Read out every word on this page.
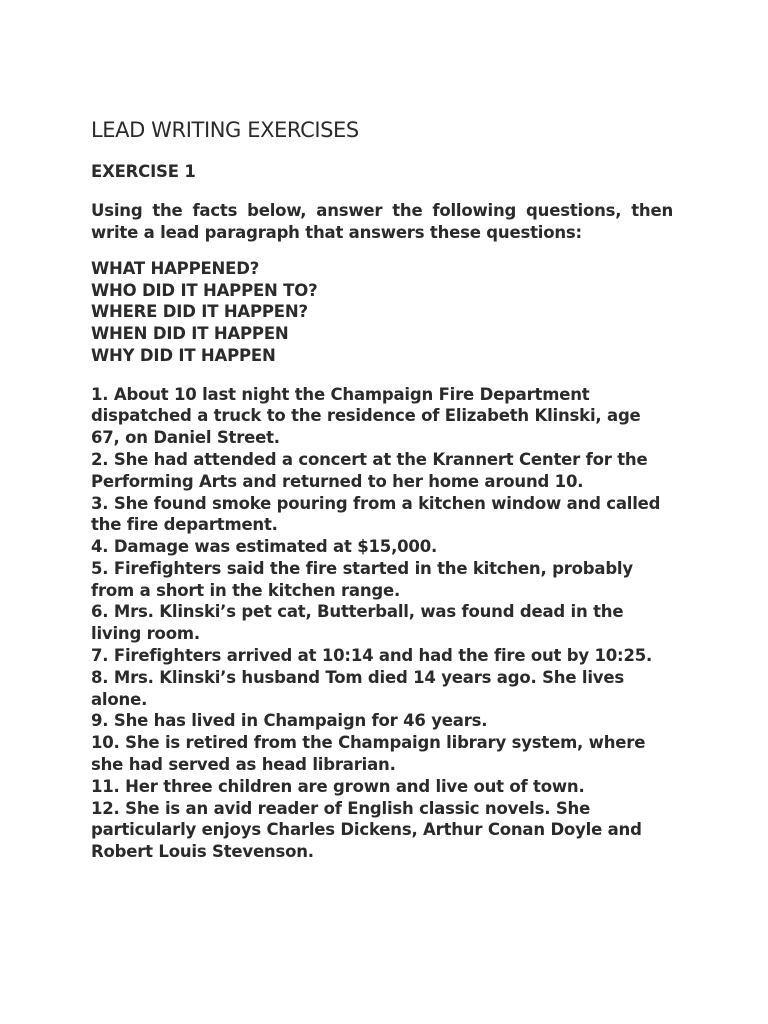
LEAD WRITING EXERCISES

EXERCISE 1

Using the facts below, answer the following questions, then write a lead paragraph that answers these questions:

WHAT HAPPENED?
WHO DID IT HAPPEN TO?
WHERE DID IT HAPPEN?
WHEN DID IT HAPPEN
WHY DID IT HAPPEN
1. About 10 last night the Champaign Fire Department dispatched a truck to the residence of Elizabeth Klinski, age 67, on Daniel Street.
2. She had attended a concert at the Krannert Center for the Performing Arts and returned to her home around 10.
3. She found smoke pouring from a kitchen window and called the fire department.
4. Damage was estimated at $15,000.
5. Firefighters said the fire started in the kitchen, probably from a short in the kitchen range.
6. Mrs. Klinski’s pet cat, Butterball, was found dead in the living room.
7. Firefighters arrived at 10:14 and had the fire out by 10:25.
8. Mrs. Klinski’s husband Tom died 14 years ago. She lives alone.
9. She has lived in Champaign for 46 years.
10. She is retired from the Champaign library system, where she had served as head librarian.
11. Her three children are grown and live out of town.
12. She is an avid reader of English classic novels. She particularly enjoys Charles Dickens, Arthur Conan Doyle and Robert Louis Stevenson.
